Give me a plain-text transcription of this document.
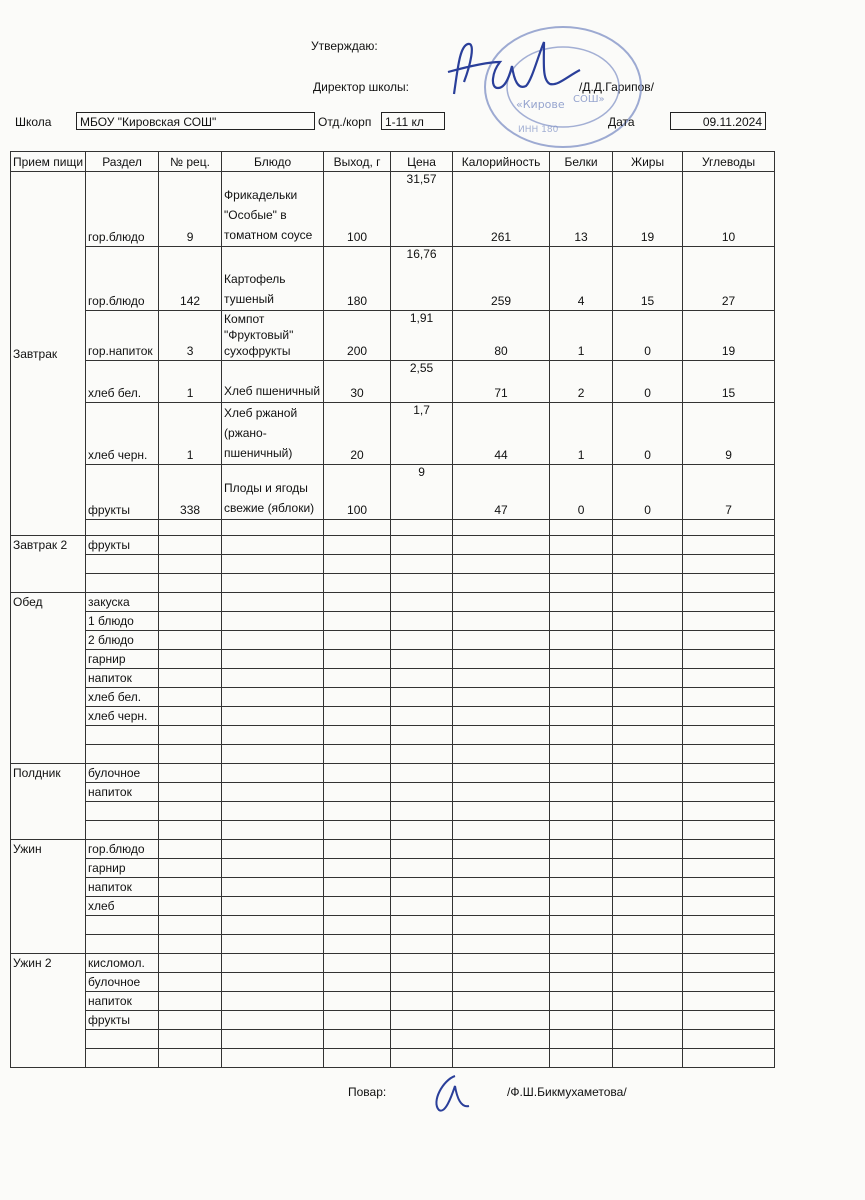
Утверждаю:
Директор школы:	/Д.Д.Гарипов/
«Кирове СОШ»
ИНН 180
Школа	МБОУ "Кировская СОШ"	Отд./корп	1-11 кл	Дата	09.11.2024
Прием пищи	Раздел	№ рец.	Блюдо	Выход, г	Цена	Калорийность	Белки	Жиры	Углеводы
Завтрак	гор.блюдо	9	Фрикадельки "Особые" в томатном соусе	100	31,57	261	13	19	10
	гор.блюдо	142	Картофель тушеный	180	16,76	259	4	15	27
	гор.напиток	3	Компот "Фруктовый" сухофрукты	200	1,91	80	1	0	19
	хлеб бел.	1	Хлеб пшеничный	30	2,55	71	2	0	15
	хлеб черн.	1	Хлеб ржаной (ржано-пшеничный)	20	1,7	44	1	0	9
	фрукты	338	Плоды и ягоды свежие (яблоки)	100	9	47	0	0	7

Завтрак 2	фрукты								

Обед	закуска								
	1 блюдо								
	2 блюдо								
	гарнир								
	напиток								
	хлеб бел.								
	хлеб черн.								

Полдник	булочное								
	напиток								

Ужин	гор.блюдо								
	гарнир								
	напиток								
	хлеб								

Ужин 2	кисломол.								
	булочное								
	напиток								
	фрукты								

Повар:	/Ф.Ш.Бикмухаметова/
